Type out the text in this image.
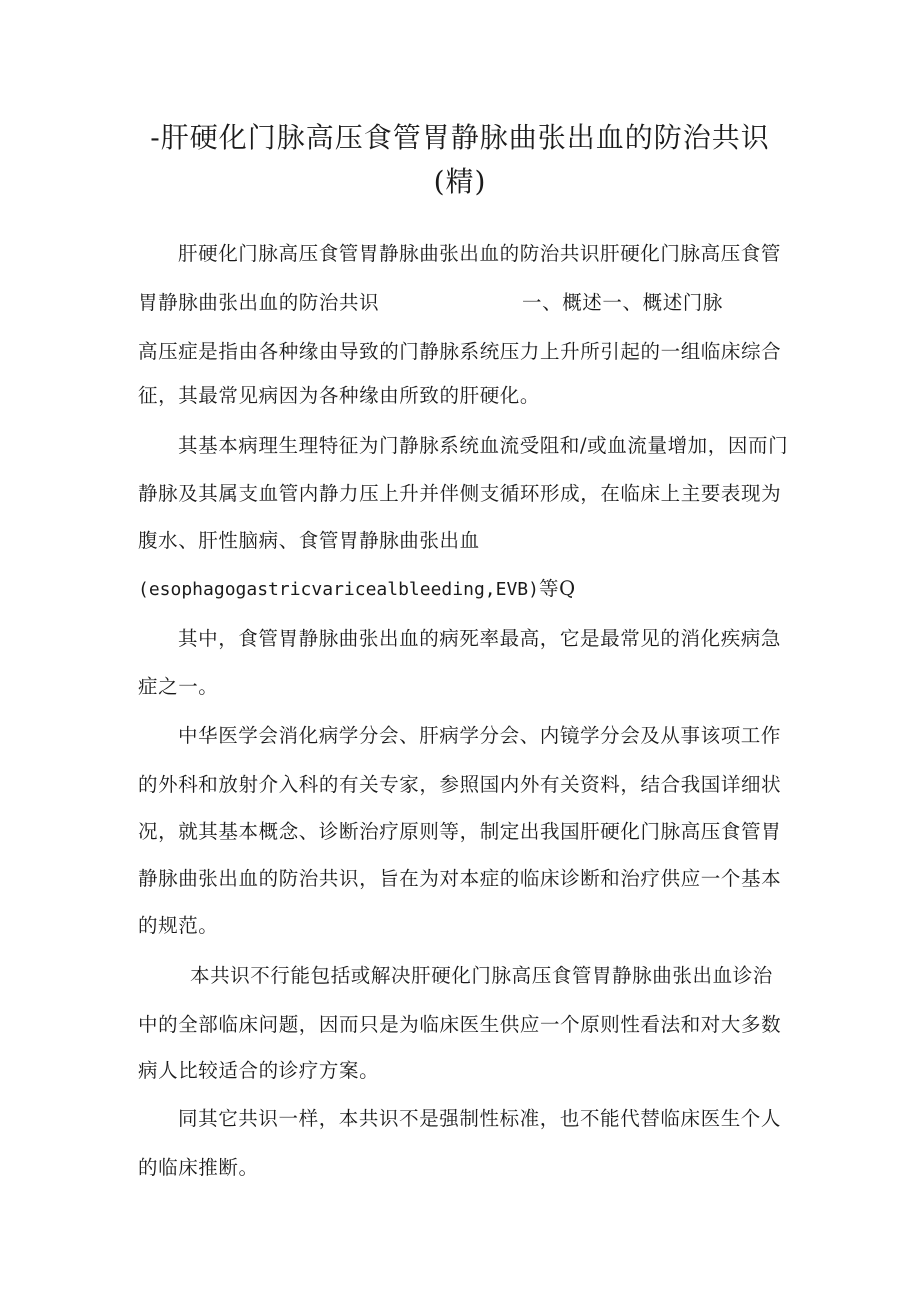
-肝硬化门脉高压食管胃静脉曲张出血的防治共识
(精)
肝硬化门脉高压食管胃静脉曲张出血的防治共识肝硬化门脉高压食管
胃静脉曲张出血的防治共识	一、概述一、概述门脉
高压症是指由各种缘由导致的门静脉系统压力上升所引起的一组临床综合
征，其最常见病因为各种缘由所致的肝硬化。
其基本病理生理特征为门静脉系统血流受阻和/或血流量增加，因而门
静脉及其属支血管内静力压上升并伴侧支循环形成，在临床上主要表现为
腹水、肝性脑病、食管胃静脉曲张出血
(esophagogastricvaricealbleeding,EVB)等Q
其中，食管胃静脉曲张出血的病死率最高，它是最常见的消化疾病急
症之一。
中华医学会消化病学分会、肝病学分会、内镜学分会及从事该项工作
的外科和放射介入科的有关专家，参照国内外有关资料，结合我国详细状
况，就其基本概念、诊断治疗原则等，制定出我国肝硬化门脉高压食管胃
静脉曲张出血的防治共识，旨在为对本症的临床诊断和治疗供应一个基本
的规范。
本共识不行能包括或解决肝硬化门脉高压食管胃静脉曲张出血诊治
中的全部临床问题，因而只是为临床医生供应一个原则性看法和对大多数
病人比较适合的诊疗方案。
同其它共识一样，本共识不是强制性标准，也不能代替临床医生个人
的临床推断。
